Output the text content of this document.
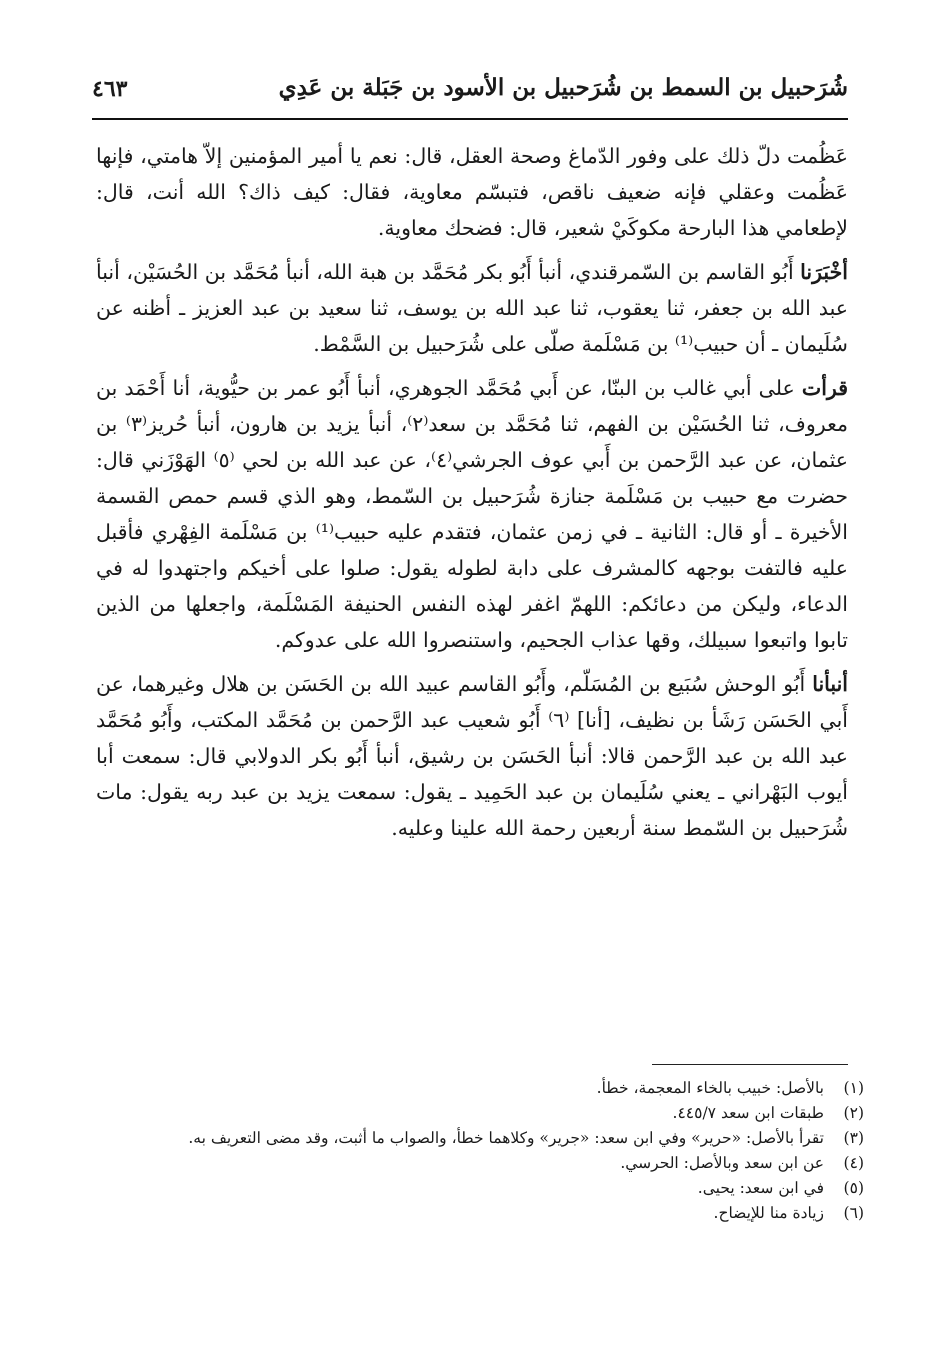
شُرَحبيل بن السمط بن شُرَحبيل بن الأسود بن جَبَلة بن عَدِي
٤٦٣

عَظُمت دلّ ذلك على وفور الدّماغ وصحة العقل، قال: نعم يا أمير المؤمنين إلاّ هامتي، فإنها عَظُمت وعقلي فإنه ضعيف ناقص، فتبسّم معاوية، فقال: كيف ذاك؟ الله أنت، قال: لإطعامي هذا البارحة مكوكَيْ شعير، قال: فضحك معاوية.

أخْبَرَنا أَبُو القاسم بن السّمرقندي، أنبأ أَبُو بكر مُحَمَّد بن هبة الله، أنبأ مُحَمَّد بن الحُسَيْن، أنبأ عبد الله بن جعفر، ثنا يعقوب، ثنا عبد الله بن يوسف، ثنا سعيد بن عبد العزيز ـ أظنه عن سُلَيمان ـ أن حبيب⁽¹⁾ بن مَسْلَمة صلّى على شُرَحبيل بن السَّمْط.

قرأت على أبي غالب بن البنّا، عن أَبي مُحَمَّد الجوهري، أنبأ أَبُو عمر بن حيُّوية، أنا أَحْمَد بن معروف، ثنا الحُسَيْن بن الفهم، ثنا مُحَمَّد بن سعد⁽٢⁾، أنبأ يزيد بن هارون، أنبأ حُريز⁽٣⁾ بن عثمان، عن عبد الرَّحمن بن أَبي عوف الجرشي⁽٤⁾، عن عبد الله بن لحي ⁽٥⁾ الهَوْزَني قال: حضرت مع حبيب بن مَسْلَمة جنازة شُرَحبيل بن السّمط، وهو الذي قسم حمص القسمة الأخيرة ـ أو قال: الثانية ـ في زمن عثمان، فتقدم عليه حبيب⁽¹⁾ بن مَسْلَمة الفِهْري فأقبل عليه فالتفت بوجهه كالمشرف على دابة لطوله يقول: صلوا على أخيكم واجتهدوا له في الدعاء، وليكن من دعائكم: اللهمّ اغفر لهذه النفس الحنيفة المَسْلَمة، واجعلها من الذين تابوا واتبعوا سبيلك، وقها عذاب الجحيم، واستنصروا الله على عدوكم.

أنبأنا أَبُو الوحش سُبَيع بن المُسَلّم، وأَبُو القاسم عبيد الله بن الحَسَن بن هلال وغيرهما، عن أَبي الحَسَن رَشَأ بن نظيف، [أنا] ⁽٦⁾ أَبُو شعيب عبد الرَّحمن بن مُحَمَّد المكتب، وأَبُو مُحَمَّد عبد الله بن عبد الرَّحمن قالا: أنبأ الحَسَن بن رشيق، أنبأ أَبُو بكر الدولابي قال: سمعت أبا أيوب البَهْراني ـ يعني سُلَيمان بن عبد الحَمِيد ـ يقول: سمعت يزيد بن عبد ربه يقول: مات شُرَحبيل بن السّمط سنة أربعين رحمة الله علينا وعليه.

(١)
بالأصل: خبيب بالخاء المعجمة، خطأ.
(٢)
طبقات ابن سعد ٤٤٥/٧.
(٣)
تقرأ بالأصل: «حرير» وفي ابن سعد: «جرير» وكلاهما خطأ، والصواب ما أثبت، وقد مضى التعريف به.
(٤)
عن ابن سعد وبالأصل: الحرسي.
(٥)
في ابن سعد: يحيى.
(٦)
زيادة منا للإيضاح.
